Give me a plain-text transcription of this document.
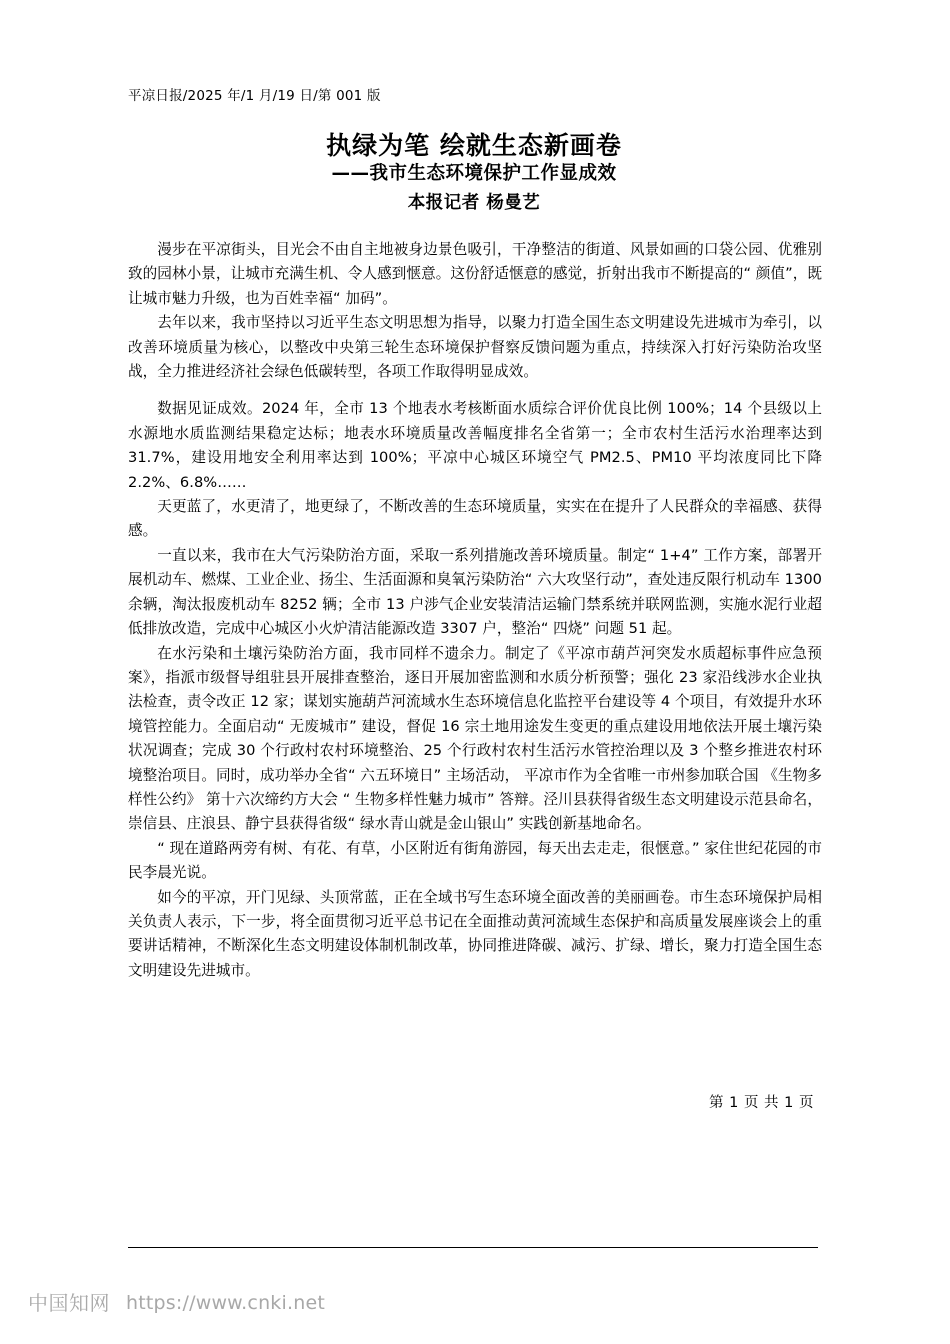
平凉日报/2025 年/1 月/19 日/第 001 版
执绿为笔 绘就生态新画卷
——我市生态环境保护工作显成效
本报记者 杨曼艺

漫步在平凉街头，目光会不由自主地被身边景色吸引，干净整洁的街道、风景如画的口袋公园、优雅别致的园林小景，让城市充满生机、令人感到惬意。这份舒适惬意的感觉，折射出我市不断提高的“ 颜值”，既让城市魅力升级，也为百姓幸福“ 加码”。

去年以来，我市坚持以习近平生态文明思想为指导，以聚力打造全国生态文明建设先进城市为牵引，以改善环境质量为核心，以整改中央第三轮生态环境保护督察反馈问题为重点，持续深入打好污染防治攻坚战，全力推进经济社会绿色低碳转型，各项工作取得明显成效。

数据见证成效。2024 年，全市 13 个地表水考核断面水质综合评价优良比例 100%；14 个县级以上水源地水质监测结果稳定达标；地表水环境质量改善幅度排名全省第一；全市农村生活污水治理率达到 31.7%，建设用地安全利用率达到 100%；平凉中心城区环境空气 PM2.5、PM10 平均浓度同比下降 2.2%、6.8%……

天更蓝了，水更清了，地更绿了，不断改善的生态环境质量，实实在在提升了人民群众的幸福感、获得感。

一直以来，我市在大气污染防治方面，采取一系列措施改善环境质量。制定“ 1+4” 工作方案，部署开展机动车、燃煤、工业企业、扬尘、生活面源和臭氧污染防治“ 六大攻坚行动”，查处违反限行机动车 1300 余辆，淘汰报废机动车 8252 辆；全市 13 户涉气企业安装清洁运输门禁系统并联网监测，实施水泥行业超低排放改造，完成中心城区小火炉清洁能源改造 3307 户，整治“ 四烧” 问题 51 起。

在水污染和土壤污染防治方面，我市同样不遗余力。制定了《平凉市葫芦河突发水质超标事件应急预案》，指派市级督导组驻县开展排查整治，逐日开展加密监测和水质分析预警；强化 23 家沿线涉水企业执法检查，责令改正 12 家；谋划实施葫芦河流域水生态环境信息化监控平台建设等 4 个项目，有效提升水环境管控能力。全面启动“ 无废城市” 建设，督促 16 宗土地用途发生变更的重点建设用地依法开展土壤污染状况调查；完成 30 个行政村农村环境整治、25 个行政村农村生活污水管控治理以及 3 个整乡推进农村环境整治项目。同时，成功举办全省“ 六五环境日” 主场活动， 平凉市作为全省唯一市州参加联合国 《生物多样性公约》 第十六次缔约方大会 “ 生物多样性魅力城市” 答辩。泾川县获得省级生态文明建设示范县命名，崇信县、庄浪县、静宁县获得省级“ 绿水青山就是金山银山” 实践创新基地命名。

“ 现在道路两旁有树、有花、有草，小区附近有街角游园，每天出去走走，很惬意。” 家住世纪花园的市民李晨光说。

如今的平凉，开门见绿、头顶常蓝，正在全域书写生态环境全面改善的美丽画卷。市生态环境保护局相关负责人表示，下一步，将全面贯彻习近平总书记在全面推动黄河流域生态保护和高质量发展座谈会上的重要讲话精神，不断深化生态文明建设体制机制改革，协同推进降碳、减污、扩绿、增长，聚力打造全国生态文明建设先进城市。

第 1 页 共 1 页
中国知网 https://www.cnki.net
